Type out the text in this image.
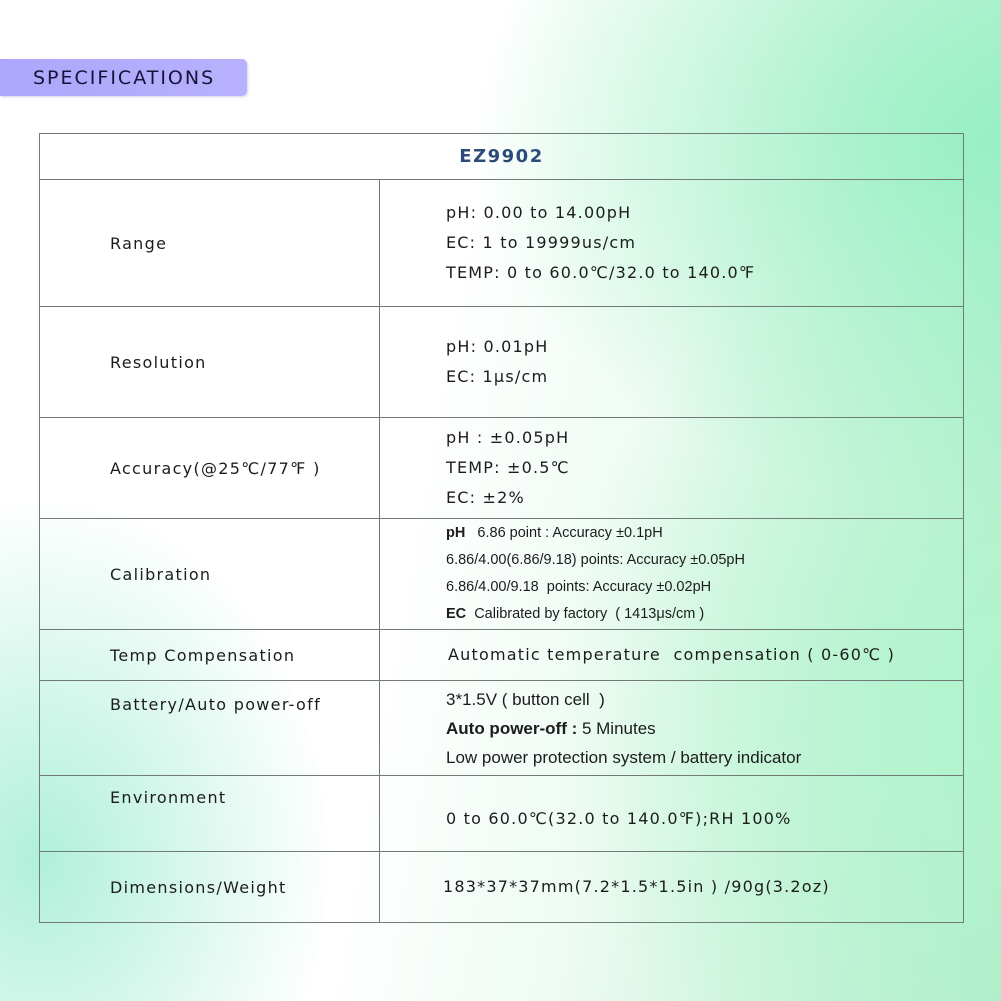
SPECIFICATIONS
EZ9902	
Range	pH: 0.00 to 14.00pH
EC: 1 to 19999us/cm
TEMP: 0 to 60.0℃/32.0 to 140.0℉

Resolution	pH: 0.01pH
EC: 1μs/cm

Accuracy(@25℃/77℉ )	pH : ±0.05pH
TEMP: ±0.5℃
EC: ±2%

Calibration	pH   6.86 point : Accuracy ±0.1pH
6.86/4.00(6.86/9.18) points: Accuracy ±0.05pH
6.86/4.00/9.18  points: Accuracy ±0.02pH
EC  Calibrated by factory  ( 1413μs/cm )

Temp Compensation	Automatic temperature  compensation ( 0-60℃ )

Battery/Auto power-off	3*1.5V ( button cell  )
Auto power-off : 5 Minutes
Low power protection system / battery indicator

Environment	0 to 60.0℃(32.0 to 140.0℉);RH 100%

Dimensions/Weight	183*37*37mm(7.2*1.5*1.5in ) /90g(3.2oz)
